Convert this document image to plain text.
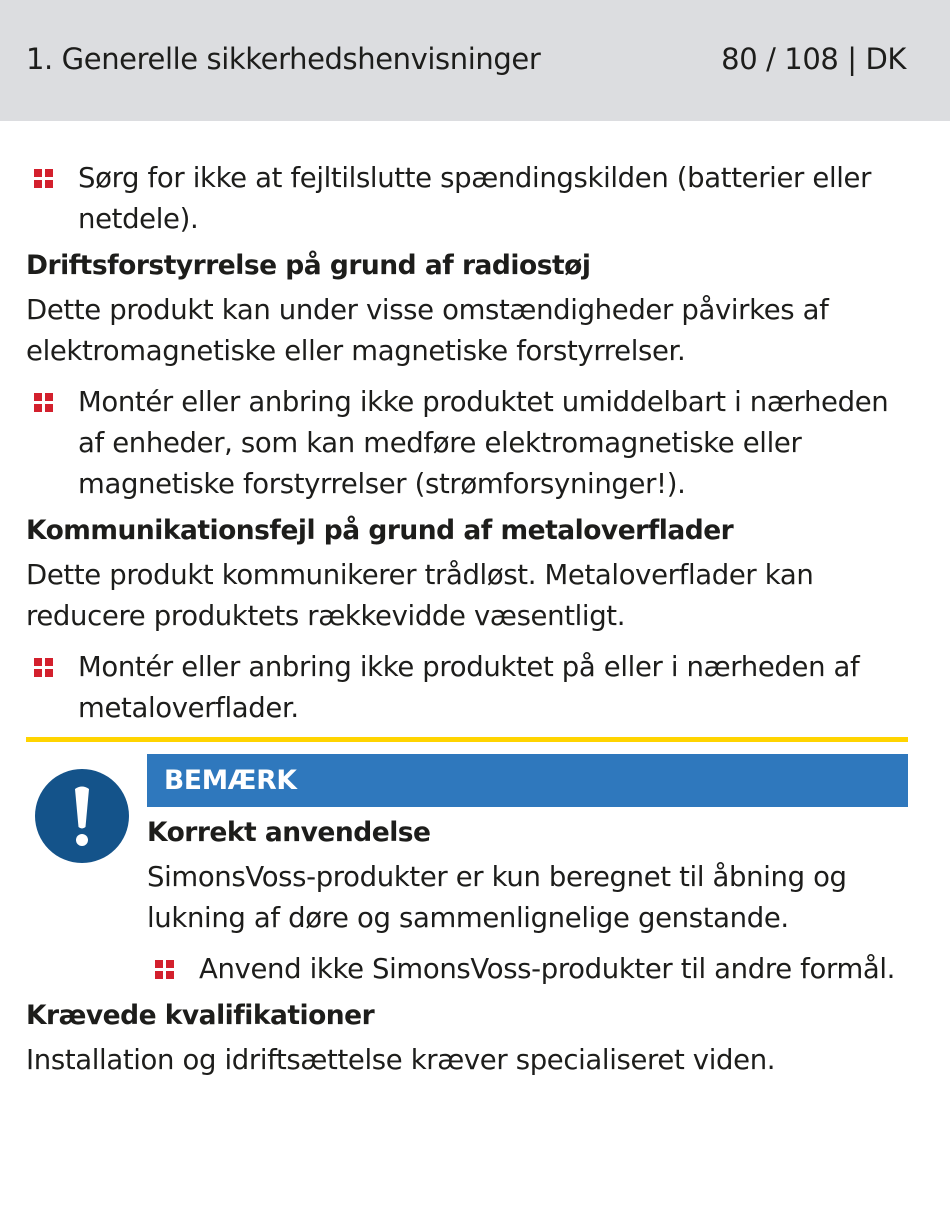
1. Generelle sikkerhedshenvisninger	80 / 108 | DK
Sørg for ikke at fejltilslutte spændingskilden (batterier eller netdele).
Driftsforstyrrelse på grund af radiostøj

Dette produkt kan under visse omstændigheder påvirkes af elektromagnetiske eller magnetiske forstyrrelser.

Montér eller anbring ikke produktet umiddelbart i nærheden af enheder, som kan medføre elektromagnetiske eller magnetiske forstyrrelser (strømforsyninger!).
Kommunikationsfejl på grund af metaloverflader

Dette produkt kommunikerer trådløst. Metaloverflader kan reducere produktets rækkevidde væsentligt.

Montér eller anbring ikke produktet på eller i nærheden af metaloverflader.
BEMÆRK
Korrekt anvendelse

SimonsVoss-produkter er kun beregnet til åbning og lukning af døre og sammenlignelige genstande.

Anvend ikke SimonsVoss-produkter til andre formål.
Krævede kvalifikationer

Installation og idriftsættelse kræver specialiseret viden.
